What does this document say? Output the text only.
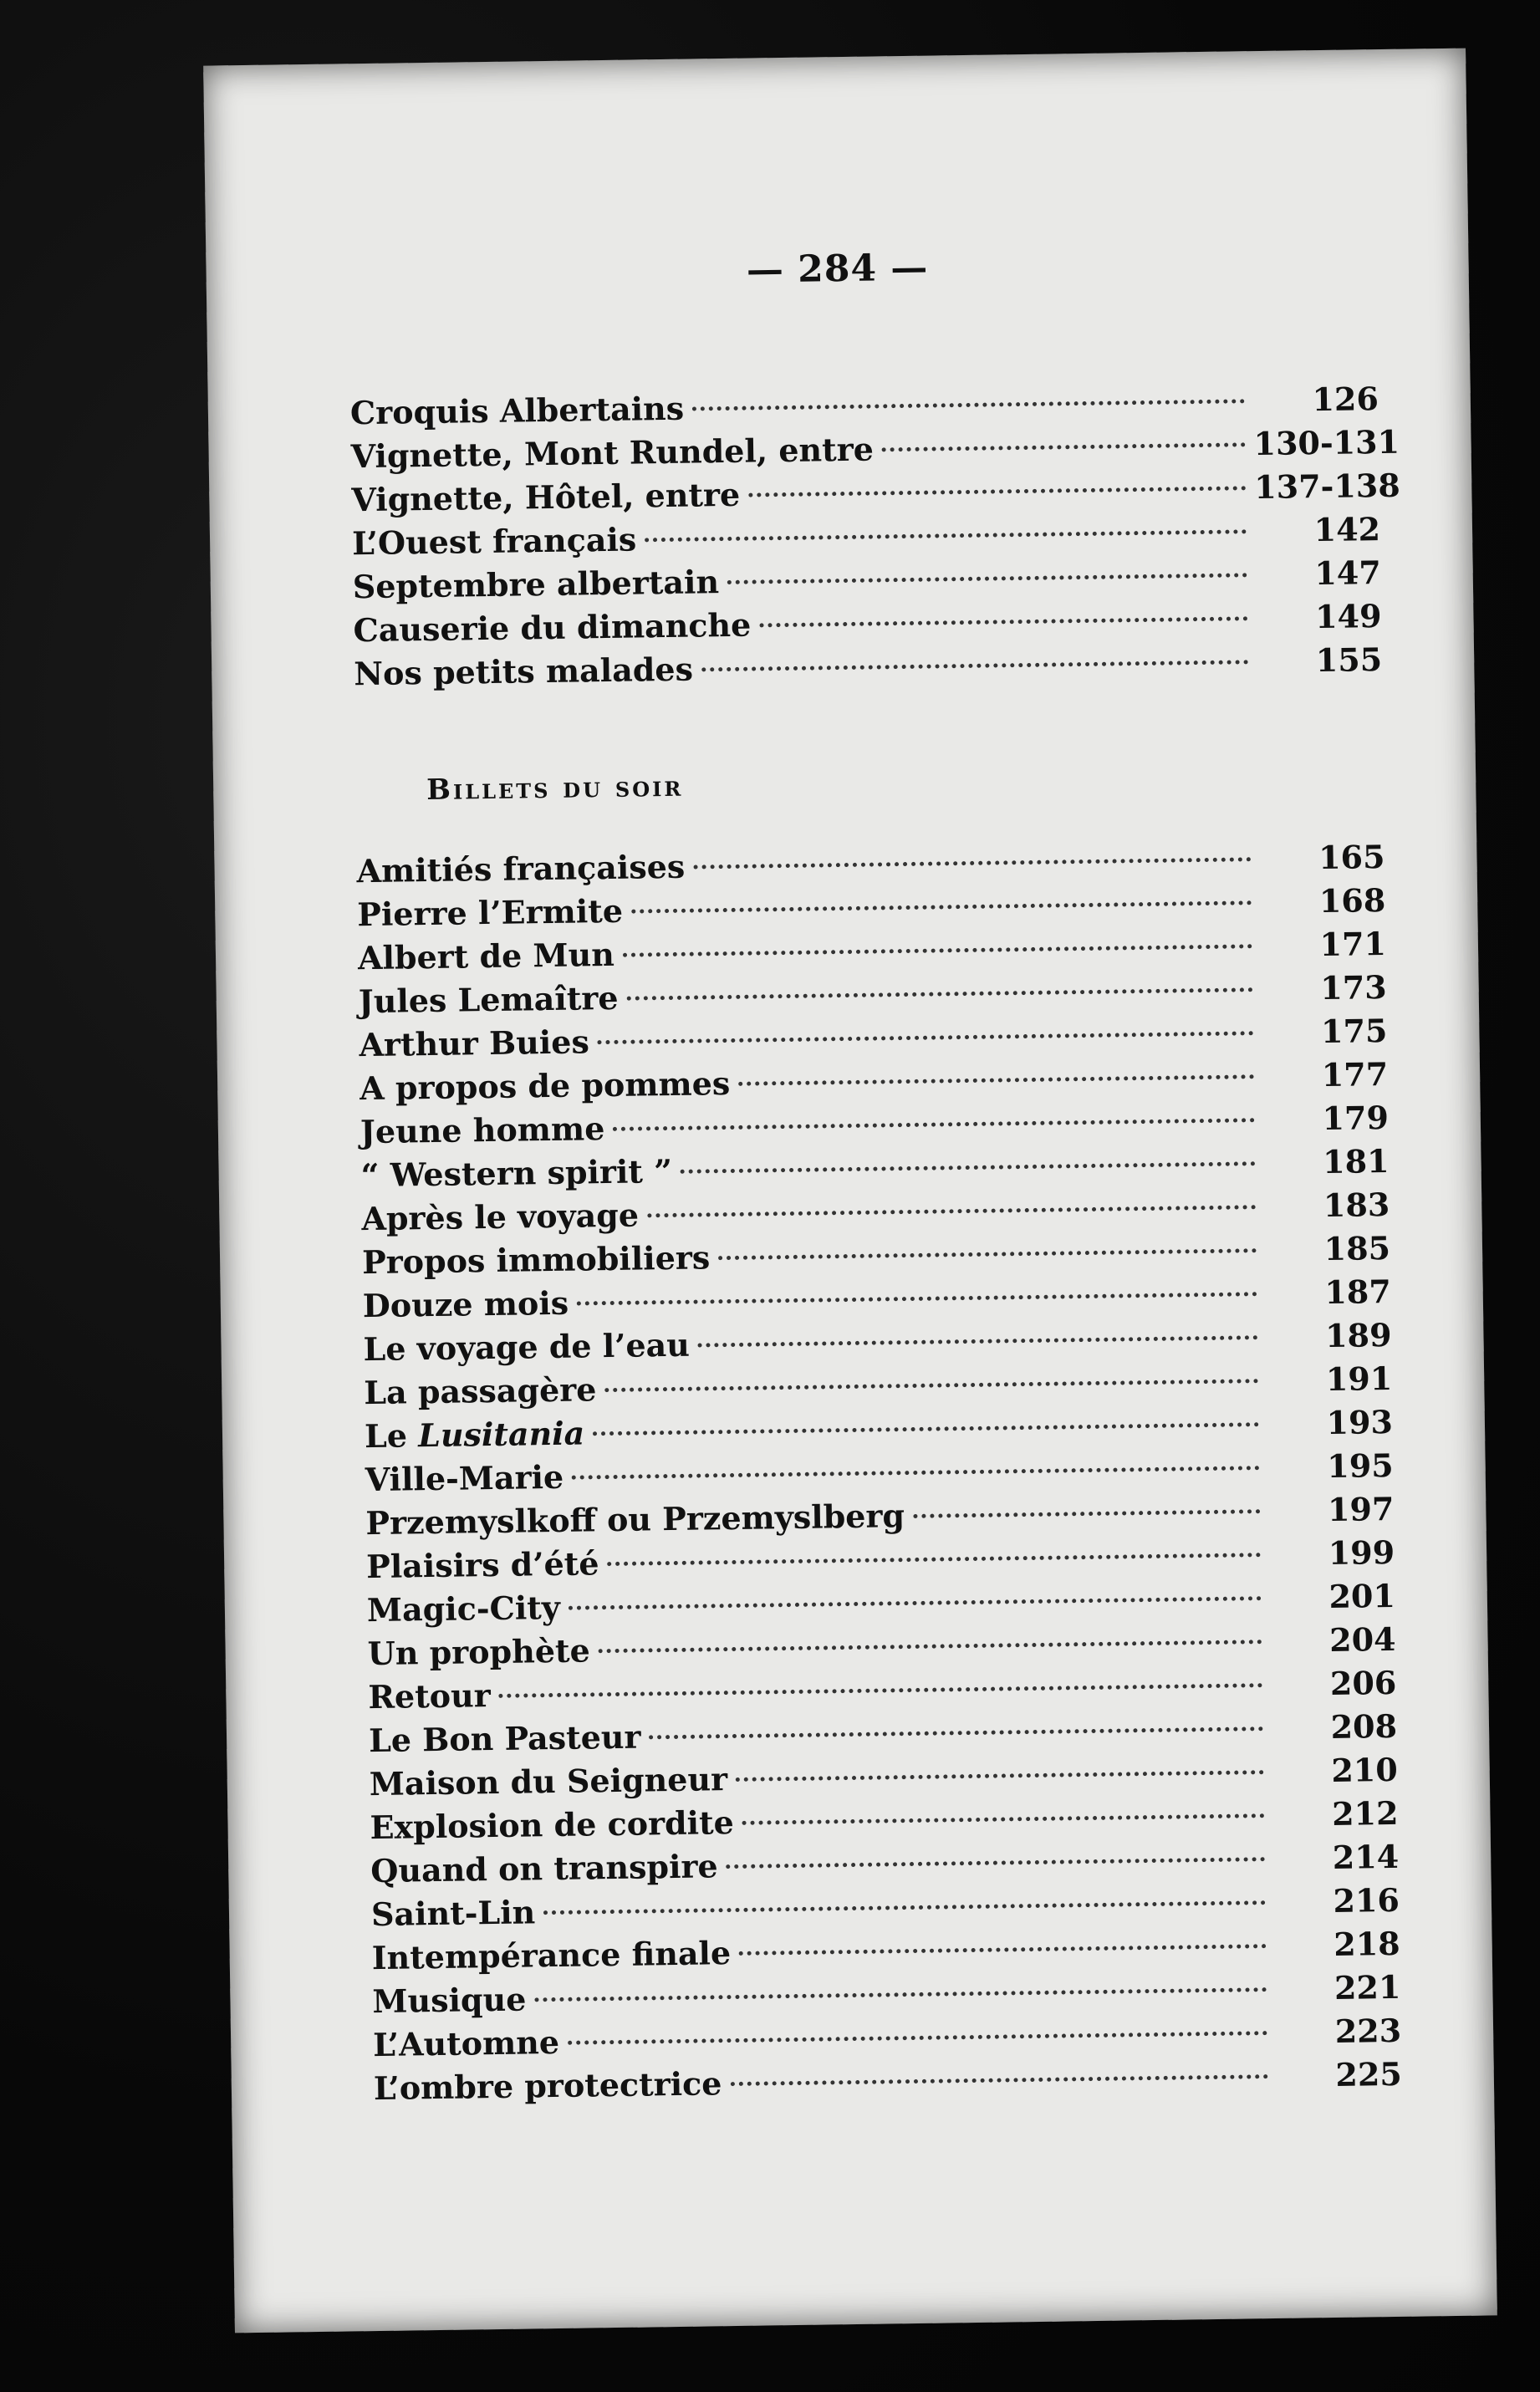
— 284 —
Croquis Albertains	126
Vignette, Mont Rundel, entre	130-131
Vignette, Hôtel, entre	137-138
L’Ouest français	142
Septembre albertain	147
Causerie du dimanche	149
Nos petits malades	155
Billets du soir
Amitiés françaises	165
Pierre l’Ermite	168
Albert de Mun	171
Jules Lemaître	173
Arthur Buies	175
A propos de pommes	177
Jeune homme	179
“ Western spirit ”	181
Après le voyage	183
Propos immobiliers	185
Douze mois	187
Le voyage de l’eau	189
La passagère	191
Le Lusitania	193
Ville-Marie	195
Przemyslkoff ou Przemyslberg	197
Plaisirs d’été	199
Magic-City	201
Un prophète	204
Retour	206
Le Bon Pasteur	208
Maison du Seigneur	210
Explosion de cordite	212
Quand on transpire	214
Saint-Lin	216
Intempérance finale	218
Musique	221
L’Automne	223
L’ombre protectrice	225
